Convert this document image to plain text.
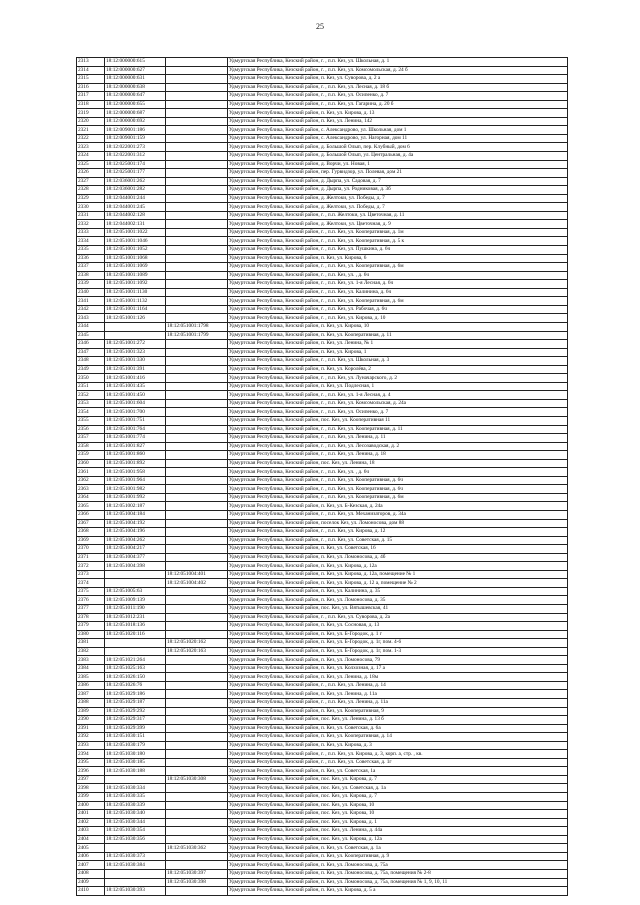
25
2313	18:12:000000:615		Удмуртская Республика, Кезский район, г. , п.п. Кез, ул. Школьная, д. 1
2314	18:12:000000:627		Удмуртская Республика, Кезский район, г. , п.п. Кез, ул. Комсомольская, д. 24 б
2315	18:12:000000:631		Удмуртская Республика, Кезский район, п. Кез, ул. Суворова, д. 2 а
2316	18:12:000000:638		Удмуртская Республика, Кезский район, г. , п.п. Кез, ул. Лесная, д. 18 б
2317	18:12:000000:647		Удмуртская Республика, Кезский район, г. , п.п. Кез, ул. Осипенко, д. 7
2318	18:12:000000:655		Удмуртская Республика, Кезский район, г. , п.п. Кез, ул. Гагарина, д. 20 б
2319	18:12:000000:687		Удмуртская Республика, Кезский район, п. Кез, ул. Кирова, д. 13
2320	18:12:000000:692		Удмуртская Республика, Кезский район, п. Кез, ул. Ленина, 142
2321	18:12:009001:186		Удмуртская Республика, Кезский район, с. Александрово, ул. Школьная, дом 1
2322	18:12:009001:159		Удмуртская Республика, Кезский район, с. Александрово, ул. Нагорная, дом 11
2323	18:12:022001:273		Удмуртская Республика, Кезский район, д. Большой Олып, пер. Клубный, дом 6
2324	18:12:022001:312		Удмуртская Республика, Кезский район, д. Большой Олып, ул. Центральная, д. 4а
2325	18:12:025001:174		Удмуртская Республика, Кезский район, д. Ворчи, ул. Новая, 1
2326	18:12:025001:177		Удмуртская Республика, Кезский район, пер. Гурвидзор, ул. Полевая, дом 21
2327	18:12:036001:262		Удмуртская Республика, Кезский район, д. Дырпа, ул. Садовая, д. 7
2328	18:12:036001:282		Удмуртская Республика, Кезский район, д. Дырпа, ул. Родниковая, д. 3б
2329	18:12:044001:244		Удмуртская Республика, Кезский район, д. Желтоки, ул. Победы, д. 7
2330	18:12:044001:245		Удмуртская Республика, Кезский район, д. Желтоки, ул. Победы, д. 7
2331	18:12:044002:128		Удмуртская Республика, Кезский район, г. , п.п. Желтоки, ул. Цветочная, д. 11
2332	18:12:044002:131		Удмуртская Республика, Кезский район, д. Желтоки, ул. Цветочная, д. 9
2333	18:12:051001:1022		Удмуртская Республика, Кезский район, г. , п.п. Кез, ул. Кооперативная, д. 1м
2334	18:12:051001:1046		Удмуртская Республика, Кезский район, г. , п.п. Кез, ул. Кооперативная, д. 5 к
2335	18:12:051001:1052		Удмуртская Республика, Кезский район, г. , п.п. Кез, ул. Пушкина, д. 6ч
2336	18:12:051001:1068		Удмуртская Республика, Кезский район, п. Кез, ул. Кирова, 6
2337	18:12:051001:1069		Удмуртская Республика, Кезский район, г. , п.п. Кез, ул. Кооперативная, д. 6м
2338	18:12:051001:1089		Удмуртская Республика, Кезский район, г. , п.п. Кез, ул. , д. 6ч
2339	18:12:051001:1092		Удмуртская Республика, Кезский район, г. , п.п. Кез, ул. 1-я Лесная, д. 6ч
2340	18:12:051001:1130		Удмуртская Республика, Кезский район, г. , п.п. Кез, ул. Калинина, д. 6ч
2341	18:12:051001:1132		Удмуртская Республика, Кезский район, г. , п.п. Кез, ул. Кооперативная, д. 6м
2342	18:12:051001:1164		Удмуртская Республика, Кезский район, г. , п.п. Кез, ул. Рабочая, д. 6ч
2343	18:12:051001:126		Удмуртская Республика, Кезский район, г. , п.п. Кез, ул. Кирова, д. 10
2344		18:12:051001:1798	Удмуртская Республика, Кезский район, п. Кез, ул. Кирова, 10
2345		18:12:051001:1799	Удмуртская Республика, Кезский район, п. Кез, ул. Кооперативная, д. 11
2346	18:12:051001:272		Удмуртская Республика, Кезский район, п. Кез, ул. Ленина, № 1
2347	18:12:051001:323		Удмуртская Республика, Кезский район, п. Кез, ул. Кирова, 1
2348	18:12:051001:330		Удмуртская Республика, Кезский район, г. , п.п. Кез, ул. Школьная, д. 3
2349	18:12:051001:391		Удмуртская Республика, Кезский район, п. Кез, ул. Королёва, 2
2350	18:12:051001:416		Удмуртская Республика, Кезский район, г. , п.п. Кез, ул. Луначарского, д. 2
2351	18:12:051001:435		Удмуртская Республика, Кезский район, п. Кез, ул. Подлесная, 1
2352	18:12:051001:450		Удмуртская Республика, Кезский район, г. , п.п. Кез, ул. 1-я Лесная, д. 4
2353	18:12:051001:604		Удмуртская Республика, Кезский район, г. , п.п. Кез, ул. Комсомольская, д. 24а
2354	18:12:051001:700		Удмуртская Республика, Кезский район, г. , п.п. Кез, ул. Осипенко, д. 7
2355	18:12:051001:751		Удмуртская Республика, Кезский район, пос. Кез, ул. Кооперативная 11
2356	18:12:051001:764		Удмуртская Республика, Кезский район, г. , п.п. Кез, ул. Кооперативная, д. 11
2357	18:12:051001:774		Удмуртская Республика, Кезский район, г. , п.п. Кез, ул. Ленина, д. 11
2358	18:12:051001:827		Удмуртская Республика, Кезский район, г. , п.п. Кез, ул. Лесозаводская, д. 2
2359	18:12:051001:860		Удмуртская Республика, Кезский район, г. , п.п. Кез, ул. Ленина, д. 18
2360	18:12:051001:892		Удмуртская Республика, Кезский район, пос. Кез, ул. Ленина, 18
2361	18:12:051001:958		Удмуртская Республика, Кезский район, г. , п.п. Кез, ул. , д. 6ч
2362	18:12:051001:964		Удмуртская Республика, Кезский район, г. , п.п. Кез, ул. Кооперативная, д. 6ч
2363	18:12:051001:982		Удмуртская Республика, Кезский район, г. , п.п. Кез, ул. Кооперативная, д. 6ч
2364	18:12:051001:992		Удмуртская Республика, Кезский район, г. , п.п. Кез, ул. Кооперативная, д. 6м
2365	18:12:051002:187		Удмуртская Республика, Кезский район, п. Кез, ул. Б-Кезская, д. 24а
2366	18:12:051004:184		Удмуртская Республика, Кезский район, г. , п.п. Кез, ул. Механизаторов, д. 34а
2367	18:12:051004:192		Удмуртская Республика, Кезский район, поселок Кез, ул. Ломоносова, дом 88
2368	18:12:051004:196		Удмуртская Республика, Кезский район, г. , п.п. Кез, ул. Кирова, д. 12
2369	18:12:051004:262		Удмуртская Республика, Кезский район, г. , п.п. Кез, ул. Советская, д. 15
2370	18:12:051004:217		Удмуртская Республика, Кезский район, п. Кез, ул. Советская, 16
2371	18:12:051004:377		Удмуртская Республика, Кезский район, п. Кез, ул. Ломоносова, д. 4б
2372	18:12:051004:398		Удмуртская Республика, Кезский район, п. Кез, ул. Кирова, д. 12а
2373		18:12:051004:401	Удмуртская Республика, Кезский район, п. Кез, ул. Кирова, д. 12а, помещение № 1
2374		18:12:051004:402	Удмуртская Республика, Кезский район, п. Кез, ул. Кирова, д. 12 а, помещение № 2
2375	18:12:051005:63		Удмуртская Республика, Кезский район, п. Кез, ул. Калинина, д. 35
2376	18:12:051009:139		Удмуртская Республика, Кезский район, п. Кез, ул. Ломоносова, д. 35
2377	18:12:051011:190		Удмуртская Республика, Кезский район, пос. Кез, ул. Вятышевская, 41
2378	18:12:051012:231		Удмуртская Республика, Кезский район, г. , п.п. Кез, ул. Суворова, д. 2а
2379	18:12:051018:136		Удмуртская Республика, Кезский район, п. Кез, ул. Сосновая, д. 13
2380	18:12:051020:116		Удмуртская Республика, Кезский район, п. Кез, ул. Б-Городок, д. 1 г
2381		18:12:051020:162	Удмуртская Республика, Кезский район, п. Кез, ул. Б-Городок, д. 1г, пом. 4-6
2382		18:12:051020:163	Удмуртская Республика, Кезский район, п. Кез, ул. Б-Городок, д. 1г, пом. 1-3
2383	18:12:051021:264		Удмуртская Республика, Кезский район, п. Кез, ул. Ломоносова, 79
2384	18:12:051025:163		Удмуртская Республика, Кезский район, п. Кез, ул. Колхозная, д. 17 а
2385	18:12:051026:150		Удмуртская Республика, Кезский район, п. Кез, ул. Ленина, д. 18м
2386	18:12:051026:76		Удмуртская Республика, Кезский район, г. , п.п. Кез, ул. Ленина, д. 14
2387	18:12:051029:186		Удмуртская Республика, Кезский район, п. Кез, ул. Ленина, д. 11а
2388	18:12:051029:187		Удмуртская Республика, Кезский район, г. , п.п. Кез, ул. Ленина, д. 11а
2389	18:12:051029:292		Удмуртская Республика, Кезский район, п. Кез, ул. Кооперативная, 9
2390	18:12:051029:317		Удмуртская Республика, Кезский район, пос. Кез, ул. Ленина, д. 13 б
2391	18:12:051029:399		Удмуртская Республика, Кезский район, п. Кез, ул. Советская, д. 6а
2392	18:12:051030:151		Удмуртская Республика, Кезский район, п. Кез, ул. Кооперативная, д. 14
2393	18:12:051030:179		Удмуртская Республика, Кезский район, п. Кез, ул. Кирова, д. 3
2394	18:12:051030:180		Удмуртская Республика, Кезский район, г. , п.п. Кез, ул. Кирова, д. 3, корп. а, стр. , кв.
2395	18:12:051030:185		Удмуртская Республика, Кезский район, г. , п.п. Кез, ул. Советская, д. 1г
2396	18:12:051030:188		Удмуртская Республика, Кезский район, п. Кез, ул. Советская, 1а
2397		18:12:051030:308	Удмуртская Республика, Кезский район, пос. Кез, ул. Кирова, д. 7
2398	18:12:051030:334		Удмуртская Республика, Кезский район, пос. Кез, ул. Советская, д. 1а
2399	18:12:051030:335		Удмуртская Республика, Кезский район, пос. Кез, ул. Кирова, д. 7
2400	18:12:051030:339		Удмуртская Республика, Кезский район, пос. Кез, ул. Кирова, 10
2401	18:12:051030:340		Удмуртская Республика, Кезский район, пос. Кез, ул. Кирова, 10
2402	18:12:051030:344		Удмуртская Республика, Кезский район, пос. Кез, ул. Кирова, д. 1
2403	18:12:051030:354		Удмуртская Республика, Кезский район, пос. Кез, ул. Ленина, д. 44а
2404	18:12:051030:356		Удмуртская Республика, Кезский район, пос. Кез, ул. Кирова, д. 12а
2405		18:12:051030:362	Удмуртская Республика, Кезский район, п. Кез, ул. Советская, д. 1а
2406	18:12:051030:373		Удмуртская Республика, Кезский район, п. Кез, ул. Кооперативная, д. 9
2407	18:12:051030:384		Удмуртская Республика, Кезский район, п. Кез, ул. Ломоносова, д. 75а
2408		18:12:051030:397	Удмуртская Республика, Кезский район, п. Кез, ул. Ломоносова, д. 75а, помещения № 2-8
2409		18:12:051030:398	Удмуртская Республика, Кезский район, п. Кез, ул. Ломоносова, д. 75а, помещения № 1, 9, 10, 11
2410	18:12:051030:393		Удмуртская Республика, Кезский район, п. Кез, ул. Кирова, д. 5 а
